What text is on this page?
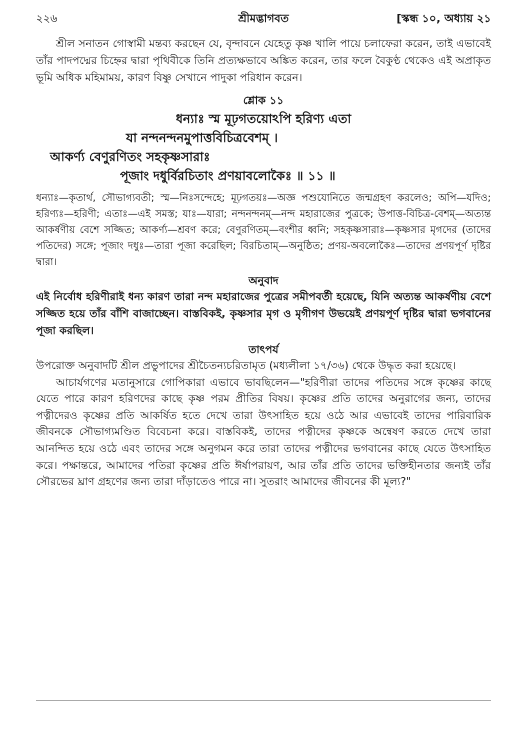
২২৬	শ্রীমদ্ভাগবত	[স্কন্ধ ১০, অধ্যায় ২১

শ্রীল সনাতন গোস্বামী মন্তব্য করছেন যে, বৃন্দাবনে যেহেতু কৃষ্ণ খালি পায়ে চলাফেরা করেন, তাই এভাবেই তাঁর পাদপদ্মের চিহ্নের দ্বারা পৃথিবীকে তিনি প্রত্যক্ষভাবে অঙ্কিত করেন, তার ফলে বৈকুণ্ঠ থেকেও এই অপ্রাকৃত ভূমি অধিক মহিমাময়, কারণ বিষ্ণু সেখানে পাদুকা পরিধান করেন।

শ্লোক ১১

ধন্যাঃ স্ম মূঢ়গতয়োঽপি হরিণ্য এতা

যা নন্দনন্দনমুপাত্তবিচিত্রবেশম্ ।

আকর্ণ্য বেণুরণিতং সহকৃষ্ণসারাঃ

পূজাং দধুর্বিরচিতাং প্রণয়াবলোকৈঃ ॥ ১১ ॥

ধন্যাঃ—কৃতার্থ, সৌভাগ্যবতী; স্ম—নিঃসন্দেহে; মূঢ়গতয়ঃ—অজ্ঞ পশুযোনিতে জন্মগ্রহণ করলেও; অপি—যদিও; হরিণ্যঃ—হরিণী; এতাঃ—এই সমস্ত; যাঃ—যারা; নন্দনন্দনম্—নন্দ মহারাজের পুত্রকে; উপাত্ত-বিচিত্র-বেশম্—অত্যন্ত আকর্ষণীয় বেশে সজ্জিত; আকর্ণ্য—শ্রবণ করে; বেণুরণিতম্—বংশীর ধ্বনি; সহকৃষ্ণসারাঃ—কৃষ্ণসার মৃগদের (তাদের পতিদের) সঙ্গে; পূজাং দধুঃ—তারা পূজা করেছিল; বিরচিতাম্—অনুষ্ঠিত; প্রণয়-অবলোকৈঃ—তাদের প্রণয়পূর্ণ দৃষ্টির দ্বারা।

অনুবাদ

এই নির্বোধ হরিণীরাই ধন্য কারণ তারা নন্দ মহারাজের পুত্রের সমীপবর্তী হয়েছে, যিনি অত্যন্ত আকর্ষণীয় বেশে সজ্জিত হয়ে তাঁর বাঁশি বাজাচ্ছেন। বাস্তবিকই, কৃষ্ণসার মৃগ ও মৃগীগণ উভয়েই প্রণয়পূর্ণ দৃষ্টির দ্বারা ভগবানের পূজা করছিল।

তাৎপর্য

উপরোক্ত অনুবাদটি শ্রীল প্রভুপাদের শ্রীচৈতন্যচরিতামৃত (মধ্যলীলা ১৭/৩৬) থেকে উদ্ধৃত করা হয়েছে।

আচার্যগণের মতানুসারে গোপিকারা এভাবে ভাবছিলেন—"হরিণীরা তাদের পতিদের সঙ্গে কৃষ্ণের কাছে যেতে পারে কারণ হরিণদের কাছে কৃষ্ণ পরম প্রীতির বিষয়। কৃষ্ণের প্রতি তাদের অনুরাগের জন্য, তাদের পত্নীদেরও কৃষ্ণের প্রতি আকর্ষিত হতে দেখে তারা উৎসাহিত হয়ে ওঠে আর এভাবেই তাদের পারিবারিক জীবনকে সৌভাগ্যমণ্ডিত বিবেচনা করে। বাস্তবিকই, তাদের পত্নীদের কৃষ্ণকে অন্বেষণ করতে দেখে তারা আনন্দিত হয়ে ওঠে এবং তাদের সঙ্গে অনুগমন করে তারা তাদের পত্নীদের ভগবানের কাছে যেতে উৎসাহিত করে। পক্ষান্তরে, আমাদের পতিরা কৃষ্ণের প্রতি ঈর্ষাপরায়ণ, আর তাঁর প্রতি তাদের ভক্তিহীনতার জন্যই তাঁর সৌরভের ঘ্রাণ গ্রহণের জন্য তারা দাঁড়াতেও পারে না। সুতরাং আমাদের জীবনের কী মূল্য?"
